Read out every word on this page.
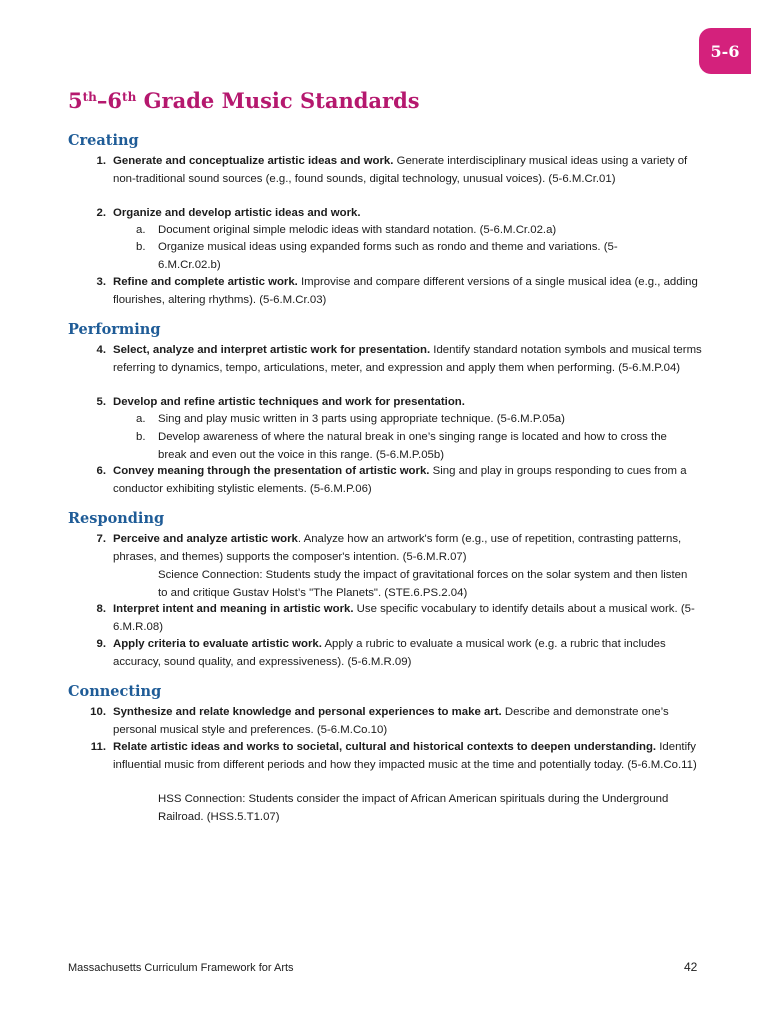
5-6
5th–6th Grade Music Standards
Creating
1. Generate and conceptualize artistic ideas and work. Generate interdisciplinary musical ideas using a variety of non-traditional sound sources (e.g., found sounds, digital technology, unusual voices). (5-6.M.Cr.01)
2. Organize and develop artistic ideas and work.
a. Document original simple melodic ideas with standard notation. (5-6.M.Cr.02.a)
b. Organize musical ideas using expanded forms such as rondo and theme and variations. (5-6.M.Cr.02.b)
3. Refine and complete artistic work. Improvise and compare different versions of a single musical idea (e.g., adding flourishes, altering rhythms). (5-6.M.Cr.03)
Performing
4. Select, analyze and interpret artistic work for presentation. Identify standard notation symbols and musical terms referring to dynamics, tempo, articulations, meter, and expression and apply them when performing. (5-6.M.P.04)
5. Develop and refine artistic techniques and work for presentation.
a. Sing and play music written in 3 parts using appropriate technique. (5-6.M.P.05a)
b. Develop awareness of where the natural break in one’s singing range is located and how to cross the break and even out the voice in this range. (5-6.M.P.05b)
6. Convey meaning through the presentation of artistic work. Sing and play in groups responding to cues from a conductor exhibiting stylistic elements. (5-6.M.P.06)
Responding
7. Perceive and analyze artistic work. Analyze how an artwork's form (e.g., use of repetition, contrasting patterns, phrases, and themes) supports the composer's intention. (5-6.M.R.07)
Science Connection: Students study the impact of gravitational forces on the solar system and then listen to and critique Gustav Holst’s "The Planets". (STE.6.PS.2.04)
8. Interpret intent and meaning in artistic work. Use specific vocabulary to identify details about a musical work. (5-6.M.R.08)
9. Apply criteria to evaluate artistic work. Apply a rubric to evaluate a musical work (e.g. a rubric that includes accuracy, sound quality, and expressiveness). (5-6.M.R.09)
Connecting
10. Synthesize and relate knowledge and personal experiences to make art. Describe and demonstrate one’s personal musical style and preferences. (5-6.M.Co.10)
11. Relate artistic ideas and works to societal, cultural and historical contexts to deepen understanding. Identify influential music from different periods and how they impacted music at the time and potentially today. (5-6.M.Co.11)
HSS Connection: Students consider the impact of African American spirituals during the Underground Railroad. (HSS.5.T1.07)
Massachusetts Curriculum Framework for Arts	42
